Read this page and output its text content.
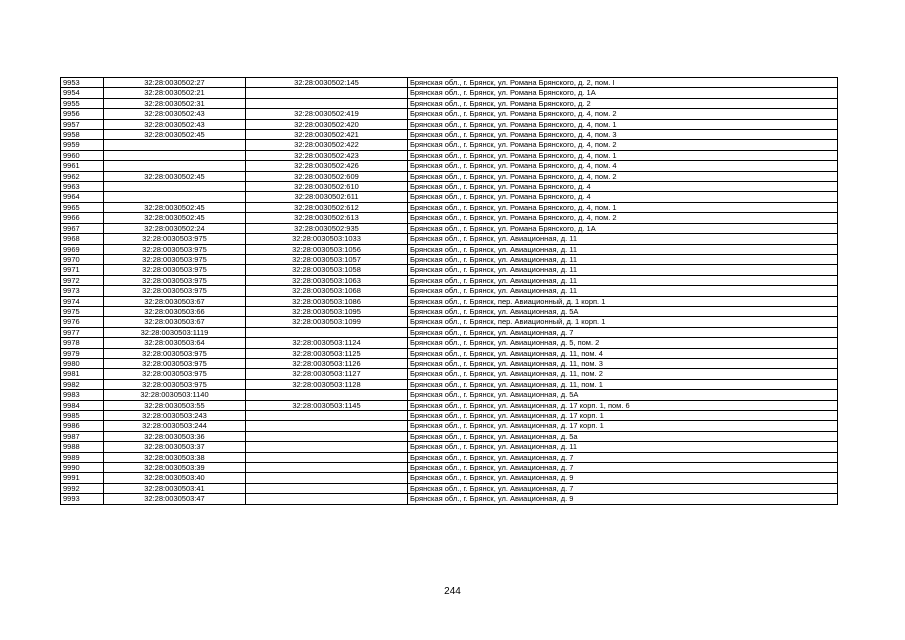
9953	32:28:0030502:27	32:28:0030502:145	Брянская обл., г. Брянск, ул. Романа Брянского, д. 2, пом. I
9954	32:28:0030502:21		Брянская обл., г. Брянск, ул. Романа Брянского, д. 1А
9955	32:28:0030502:31		Брянская обл., г. Брянск, ул. Романа Брянского, д. 2
9956	32:28:0030502:43	32:28:0030502:419	Брянская обл., г. Брянск, ул. Романа Брянского, д. 4, пом. 2
9957	32:28:0030502:43	32:28:0030502:420	Брянская обл., г. Брянск, ул. Романа Брянского, д. 4, пом. 1
9958	32:28:0030502:45	32:28:0030502:421	Брянская обл., г. Брянск, ул. Романа Брянского, д. 4, пом. 3
9959		32:28:0030502:422	Брянская обл., г. Брянск, ул. Романа Брянского, д. 4, пом. 2
9960		32:28:0030502:423	Брянская обл., г. Брянск, ул. Романа Брянского, д. 4, пом. 1
9961		32:28:0030502:426	Брянская обл., г. Брянск, ул. Романа Брянского, д. 4, пом. 4
9962	32:28:0030502:45	32:28:0030502:609	Брянская обл., г. Брянск, ул. Романа Брянского, д. 4, пом. 2
9963		32:28:0030502:610	Брянская обл., г. Брянск, ул. Романа Брянского, д. 4
9964		32:28:0030502:611	Брянская обл., г. Брянск, ул. Романа Брянского, д. 4
9965	32:28:0030502:45	32:28:0030502:612	Брянская обл., г. Брянск, ул. Романа Брянского, д. 4, пом. 1
9966	32:28:0030502:45	32:28:0030502:613	Брянская обл., г. Брянск, ул. Романа Брянского, д. 4, пом. 2
9967	32:28:0030502:24	32:28:0030502:935	Брянская обл., г. Брянск, ул. Романа Брянского, д. 1А
9968	32:28:0030503:975	32:28:0030503:1033	Брянская обл., г. Брянск, ул. Авиационная, д. 11
9969	32:28:0030503:975	32:28:0030503:1056	Брянская обл., г. Брянск, ул. Авиационная, д. 11
9970	32:28:0030503:975	32:28:0030503:1057	Брянская обл., г. Брянск, ул. Авиационная, д. 11
9971	32:28:0030503:975	32:28:0030503:1058	Брянская обл., г. Брянск, ул. Авиационная, д. 11
9972	32:28:0030503:975	32:28:0030503:1063	Брянская обл., г. Брянск, ул. Авиационная, д. 11
9973	32:28:0030503:975	32:28:0030503:1068	Брянская обл., г. Брянск, ул. Авиационная, д. 11
9974	32:28:0030503:67	32:28:0030503:1086	Брянская обл., г. Брянск, пер. Авиационный, д. 1 корп. 1
9975	32:28:0030503:66	32:28:0030503:1095	Брянская обл., г. Брянск, ул. Авиационная, д. 5А
9976	32:28:0030503:67	32:28:0030503:1099	Брянская обл., г. Брянск, пер. Авиационный, д. 1 корп. 1
9977	32:28:0030503:1119		Брянская обл., г. Брянск, ул. Авиационная, д. 7
9978	32:28:0030503:64	32:28:0030503:1124	Брянская обл., г. Брянск, ул. Авиационная, д. 5, пом. 2
9979	32:28:0030503:975	32:28:0030503:1125	Брянская обл., г. Брянск, ул. Авиационная, д. 11, пом. 4
9980	32:28:0030503:975	32:28:0030503:1126	Брянская обл., г. Брянск, ул. Авиационная, д. 11, пом. 3
9981	32:28:0030503:975	32:28:0030503:1127	Брянская обл., г. Брянск, ул. Авиационная, д. 11, пом. 2
9982	32:28:0030503:975	32:28:0030503:1128	Брянская обл., г. Брянск, ул. Авиационная, д. 11, пом. 1
9983	32:28:0030503:1140		Брянская обл., г. Брянск, ул. Авиационная, д. 5А
9984	32:28:0030503:55	32:28:0030503:1145	Брянская обл., г. Брянск, ул. Авиационная, д. 17 корп. 1, пом. 6
9985	32:28:0030503:243		Брянская обл., г. Брянск, ул. Авиационная, д. 17 корп. 1
9986	32:28:0030503:244		Брянская обл., г. Брянск, ул. Авиационная, д. 17 корп. 1
9987	32:28:0030503:36		Брянская обл., г. Брянск, ул. Авиационная, д. 5а
9988	32:28:0030503:37		Брянская обл., г. Брянск, ул. Авиационная, д. 11
9989	32:28:0030503:38		Брянская обл., г. Брянск, ул. Авиационная, д. 7
9990	32:28:0030503:39		Брянская обл., г. Брянск, ул. Авиационная, д. 7
9991	32:28:0030503:40		Брянская обл., г. Брянск, ул. Авиационная, д. 9
9992	32:28:0030503:41		Брянская обл., г. Брянск, ул. Авиационная, д. 7
9993	32:28:0030503:47		Брянская обл., г. Брянск, ул. Авиационная, д. 9
244
